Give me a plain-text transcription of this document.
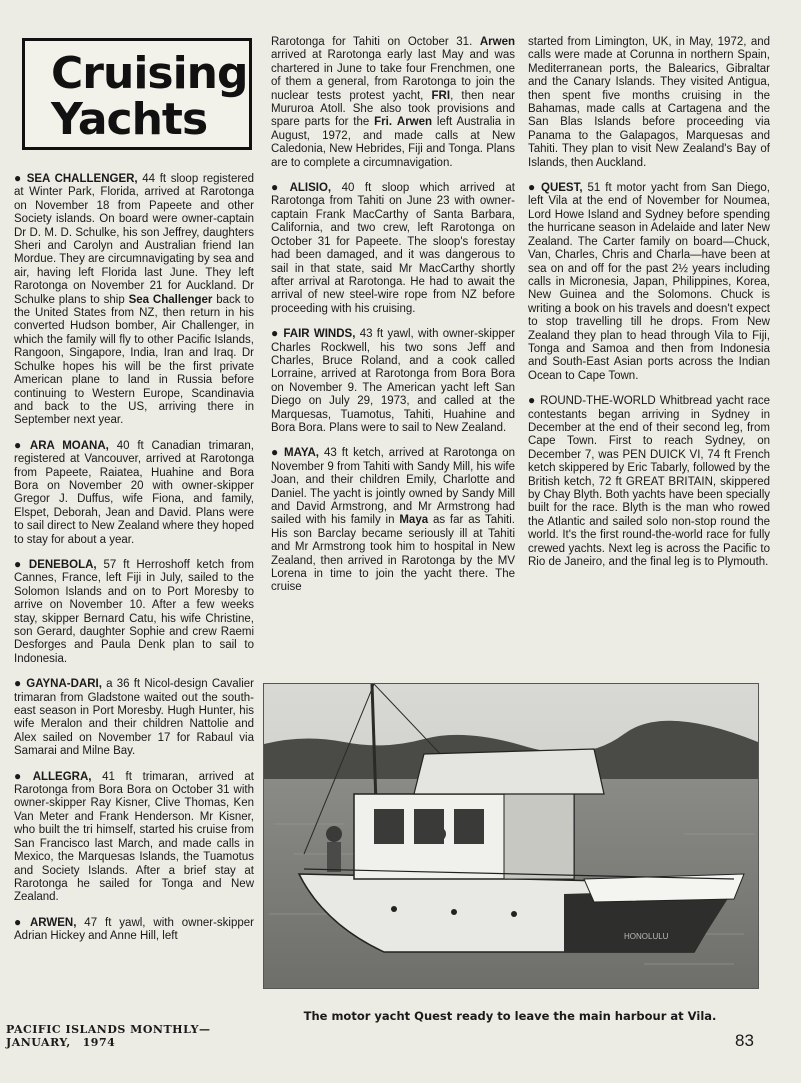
Cruising
Yachts

● SEA CHALLENGER, 44 ft sloop registered at Winter Park, Florida, arrived at Rarotonga on November 18 from Papeete and other Society islands. On board were owner-captain Dr D. M. D. Schulke, his son Jeffrey, daughters Sheri and Carolyn and Australian friend Ian Mordue. They are circumnavigating by sea and air, having left Florida last June. They left Rarotonga on November 21 for Auckland. Dr Schulke plans to ship Sea Challenger back to the United States from NZ, then return in his converted Hudson bomber, Air Challenger, in which the family will fly to other Pacific Islands, Rangoon, Singapore, India, Iran and Iraq. Dr Schulke hopes his will be the first private American plane to land in Russia before continuing to Western Europe, Scandinavia and back to the US, arriving there in September next year.

● ARA MOANA, 40 ft Canadian trimaran, registered at Vancouver, arrived at Rarotonga from Papeete, Raiatea, Huahine and Bora Bora on November 20 with owner-skipper Gregor J. Duffus, wife Fiona, and family, Elspet, Deborah, Jean and David. Plans were to sail direct to New Zealand where they hoped to stay for about a year.

● DENEBOLA, 57 ft Herroshoff ketch from Cannes, France, left Fiji in July, sailed to the Solomon Islands and on to Port Moresby to arrive on November 10. After a few weeks stay, skipper Bernard Catu, his wife Christine, son Gerard, daughter Sophie and crew Raemi Desforges and Paula Denk plan to sail to Indonesia.

● GAYNA-DARI, a 36 ft Nicol-design Cavalier trimaran from Gladstone waited out the south-east season in Port Moresby. Hugh Hunter, his wife Meralon and their children Nattolie and Alex sailed on November 17 for Rabaul via Samarai and Milne Bay.

● ALLEGRA, 41 ft trimaran, arrived at Rarotonga from Bora Bora on October 31 with owner-skipper Ray Kisner, Clive Thomas, Ken Van Meter and Frank Henderson. Mr Kisner, who built the tri himself, started his cruise from San Francisco last March, and made calls in Mexico, the Marquesas Islands, the Tuamotus and Society Islands. After a brief stay at Rarotonga he sailed for Tonga and New Zealand.

● ARWEN, 47 ft yawl, with owner-skipper Adrian Hickey and Anne Hill, left

Rarotonga for Tahiti on October 31. Arwen arrived at Rarotonga early last May and was chartered in June to take four Frenchmen, one of them a general, from Rarotonga to join the nuclear tests protest yacht, FRI, then near Mururoa Atoll. She also took provisions and spare parts for the Fri. Arwen left Australia in August, 1972, and made calls at New Caledonia, New Hebrides, Fiji and Tonga. Plans are to complete a circumnavigation.

● ALISIO, 40 ft sloop which arrived at Rarotonga from Tahiti on June 23 with owner-captain Frank MacCarthy of Santa Barbara, California, and two crew, left Rarotonga on October 31 for Papeete. The sloop's forestay had been damaged, and it was dangerous to sail in that state, said Mr MacCarthy shortly after arrival at Rarotonga. He had to await the arrival of new steel-wire rope from NZ before proceeding with his cruising.

● FAIR WINDS, 43 ft yawl, with owner-skipper Charles Rockwell, his two sons Jeff and Charles, Bruce Roland, and a cook called Lorraine, arrived at Rarotonga from Bora Bora on November 9. The American yacht left San Diego on July 29, 1973, and called at the Marquesas, Tuamotus, Tahiti, Huahine and Bora Bora. Plans were to sail to New Zealand.

● MAYA, 43 ft ketch, arrived at Rarotonga on November 9 from Tahiti with Sandy Mill, his wife Joan, and their children Emily, Charlotte and Daniel. The yacht is jointly owned by Sandy Mill and David Armstrong, and Mr Armstrong had sailed with his family in Maya as far as Tahiti. His son Barclay became seriously ill at Tahiti and Mr Armstrong took him to hospital in New Zealand, then arrived in Rarotonga by the MV Lorena in time to join the yacht there. The cruise

started from Limington, UK, in May, 1972, and calls were made at Corunna in northern Spain, Mediterranean ports, the Balearics, Gibraltar and the Canary Islands. They visited Antigua, then spent five months cruising in the Bahamas, made calls at Cartagena and the San Blas Islands before proceeding via Panama to the Galapagos, Marquesas and Tahiti. They plan to visit New Zealand's Bay of Islands, then Auckland.

● QUEST, 51 ft motor yacht from San Diego, left Vila at the end of November for Noumea, Lord Howe Island and Sydney before spending the hurricane season in Adelaide and later New Zealand. The Carter family on board—Chuck, Van, Charles, Chris and Charla—have been at sea on and off for the past 2½ years including calls in Micronesia, Japan, Philippines, Korea, New Guinea and the Solomons. Chuck is writing a book on his travels and doesn't expect to stop travelling till he drops. From New Zealand they plan to head through Vila to Fiji, Tonga and Samoa and then from Indonesia and South-East Asian ports across the Indian Ocean to Cape Town.

● ROUND-THE-WORLD Whitbread yacht race contestants began arriving in Sydney in December at the end of their second leg, from Cape Town. First to reach Sydney, on December 7, was PEN DUICK VI, 74 ft French ketch skippered by Eric Tabarly, followed by the British ketch, 72 ft GREAT BRITAIN, skippered by Chay Blyth. Both yachts have been specially built for the race. Blyth is the man who rowed the Atlantic and sailed solo non-stop round the world. It's the first round-the-world race for fully crewed yachts. Next leg is across the Pacific to Rio de Janeiro, and the final leg is to Plymouth.

HONOLULU
The motor yacht Quest ready to leave the main harbour at Vila.
PACIFIC ISLANDS MONTHLY—JANUARY, 1974	83
